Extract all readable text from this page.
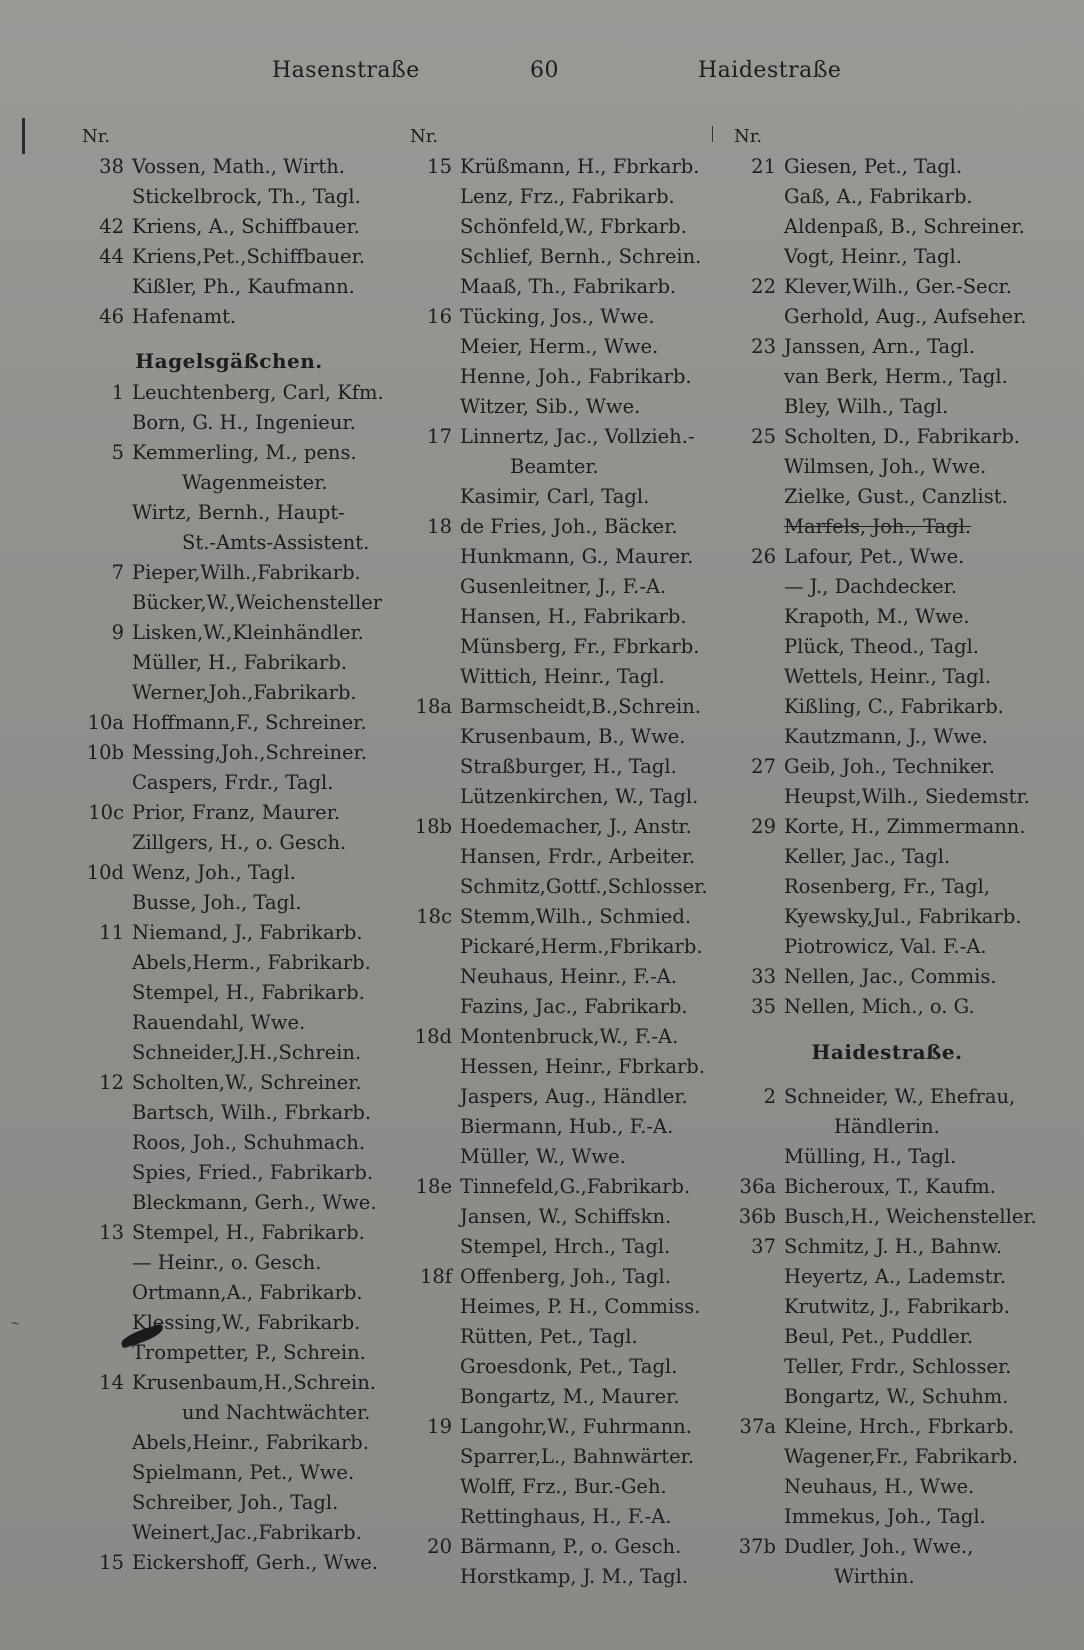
Hasenstraße	60	Haidestraße
~
Nr.
38 Vossen, Math., Wirth.
Stickelbrock, Th., Tagl.
42 Kriens, A., Schiffbauer.
44 Kriens,Pet.,Schiffbauer.
Kißler, Ph., Kaufmann.
46 Hafenamt.
Hagelsgäßchen.
1 Leuchtenberg, Carl, Kfm.
Born, G. H., Ingenieur.
5 Kemmerling, M., pens.
Wagenmeister.
Wirtz, Bernh., Haupt-
St.-Amts-Assistent.
7 Pieper,Wilh.,Fabrikarb.
Bücker,W.,Weichensteller
9 Lisken,W.,Kleinhändler.
Müller, H., Fabrikarb.
Werner,Joh.,Fabrikarb.
10a Hoffmann,F., Schreiner.
10b Messing,Joh.,Schreiner.
Caspers, Frdr., Tagl.
10c Prior, Franz, Maurer.
Zillgers, H., o. Gesch.
10d Wenz, Joh., Tagl.
Busse, Joh., Tagl.
11 Niemand, J., Fabrikarb.
Abels,Herm., Fabrikarb.
Stempel, H., Fabrikarb.
Rauendahl, Wwe.
Schneider,J.H.,Schrein.
12 Scholten,W., Schreiner.
Bartsch, Wilh., Fbrkarb.
Roos, Joh., Schuhmach.
Spies, Fried., Fabrikarb.
Bleckmann, Gerh., Wwe.
13 Stempel, H., Fabrikarb.
— Heinr., o. Gesch.
Ortmann,A., Fabrikarb.
Klessing,W., Fabrikarb.
Trompetter, P., Schrein.
14 Krusenbaum,H.,Schrein.
und Nachtwächter.
Abels,Heinr., Fabrikarb.
Spielmann, Pet., Wwe.
Schreiber, Joh., Tagl.
Weinert,Jac.,Fabrikarb.
15 Eickershoff, Gerh., Wwe.
Nr.
15 Krüßmann, H., Fbrkarb.
Lenz, Frz., Fabrikarb.
Schönfeld,W., Fbrkarb.
Schlief, Bernh., Schrein.
Maaß, Th., Fabrikarb.
16 Tücking, Jos., Wwe.
Meier, Herm., Wwe.
Henne, Joh., Fabrikarb.
Witzer, Sib., Wwe.
17 Linnertz, Jac., Vollzieh.-
Beamter.
Kasimir, Carl, Tagl.
18 de Fries, Joh., Bäcker.
Hunkmann, G., Maurer.
Gusenleitner, J., F.-A.
Hansen, H., Fabrikarb.
Münsberg, Fr., Fbrkarb.
Wittich, Heinr., Tagl.
18a Barmscheidt,B.,Schrein.
Krusenbaum, B., Wwe.
Straßburger, H., Tagl.
Lützenkirchen, W., Tagl.
18b Hoedemacher, J., Anstr.
Hansen, Frdr., Arbeiter.
Schmitz,Gottf.,Schlosser.
18c Stemm,Wilh., Schmied.
Pickaré,Herm.,Fbrikarb.
Neuhaus, Heinr., F.-A.
Fazins, Jac., Fabrikarb.
18d Montenbruck,W., F.-A.
Hessen, Heinr., Fbrkarb.
Jaspers, Aug., Händler.
Biermann, Hub., F.-A.
Müller, W., Wwe.
18e Tinnefeld,G.,Fabrikarb.
Jansen, W., Schiffskn.
Stempel, Hrch., Tagl.
18f Offenberg, Joh., Tagl.
Heimes, P. H., Commiss.
Rütten, Pet., Tagl.
Groesdonk, Pet., Tagl.
Bongartz, M., Maurer.
19 Langohr,W., Fuhrmann.
Sparrer,L., Bahnwärter.
Wolff, Frz., Bur.-Geh.
Rettinghaus, H., F.-A.
20 Bärmann, P., o. Gesch.
Horstkamp, J. M., Tagl.
Nr.
21 Giesen, Pet., Tagl.
Gaß, A., Fabrikarb.
Aldenpaß, B., Schreiner.
Vogt, Heinr., Tagl.
22 Klever,Wilh., Ger.-Secr.
Gerhold, Aug., Aufseher.
23 Janssen, Arn., Tagl.
van Berk, Herm., Tagl.
Bley, Wilh., Tagl.
25 Scholten, D., Fabrikarb.
Wilmsen, Joh., Wwe.
Zielke, Gust., Canzlist.
Marfels, Joh., Tagl.
26 Lafour, Pet., Wwe.
— J., Dachdecker.
Krapoth, M., Wwe.
Plück, Theod., Tagl.
Wettels, Heinr., Tagl.
Kißling, C., Fabrikarb.
Kautzmann, J., Wwe.
27 Geib, Joh., Techniker.
Heupst,Wilh., Siedemstr.
29 Korte, H., Zimmermann.
Keller, Jac., Tagl.
Rosenberg, Fr., Tagl,
Kyewsky,Jul., Fabrikarb.
Piotrowicz, Val. F.-A.
33 Nellen, Jac., Commis.
35 Nellen, Mich., o. G.
Haidestraße.
2 Schneider, W., Ehefrau,
Händlerin.
Mülling, H., Tagl.
36a Bicheroux, T., Kaufm.
36b Busch,H., Weichensteller.
37 Schmitz, J. H., Bahnw.
Heyertz, A., Lademstr.
Krutwitz, J., Fabrikarb.
Beul, Pet., Puddler.
Teller, Frdr., Schlosser.
Bongartz, W., Schuhm.
37a Kleine, Hrch., Fbrkarb.
Wagener,Fr., Fabrikarb.
Neuhaus, H., Wwe.
Immekus, Joh., Tagl.
37b Dudler, Joh., Wwe.,
Wirthin.
